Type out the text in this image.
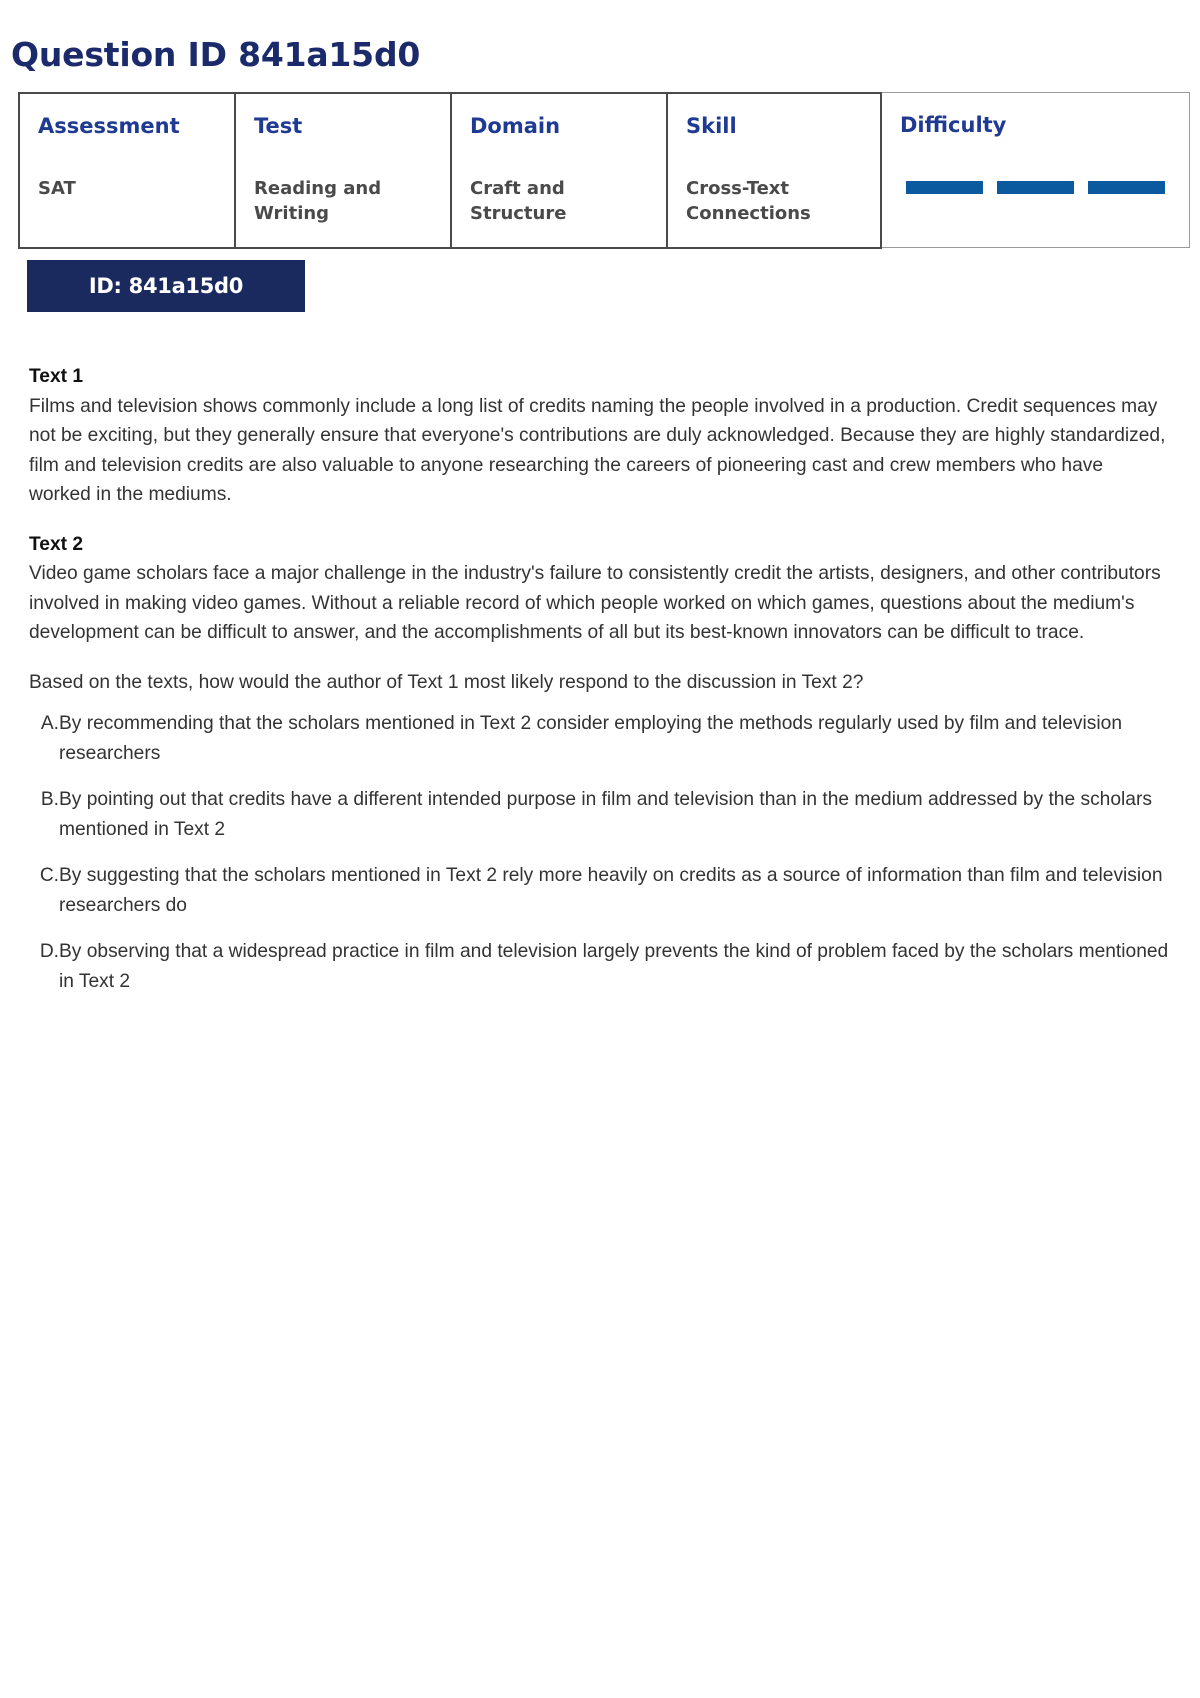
Question ID 841a15d0
Assessment
SAT
Test
Reading and Writing
Domain
Craft and Structure
Skill
Cross-Text Connections
Difficulty
ID: 841a15d0
Text 1
Films and television shows commonly include a long list of credits naming the people involved in a production. Credit sequences may not be exciting, but they generally ensure that everyone's contributions are duly acknowledged. Because they are highly standardized, film and television credits are also valuable to anyone researching the careers of pioneering cast and crew members who have worked in the mediums.
Text 2
Video game scholars face a major challenge in the industry's failure to consistently credit the artists, designers, and other contributors involved in making video games. Without a reliable record of which people worked on which games, questions about the medium's development can be difficult to answer, and the accomplishments of all but its best-known innovators can be difficult to trace.
Based on the texts, how would the author of Text 1 most likely respond to the discussion in Text 2?
A. By recommending that the scholars mentioned in Text 2 consider employing the methods regularly used by film and television researchers
B. By pointing out that credits have a different intended purpose in film and television than in the medium addressed by the scholars mentioned in Text 2
C. By suggesting that the scholars mentioned in Text 2 rely more heavily on credits as a source of information than film and television researchers do
D. By observing that a widespread practice in film and television largely prevents the kind of problem faced by the scholars mentioned in Text 2
